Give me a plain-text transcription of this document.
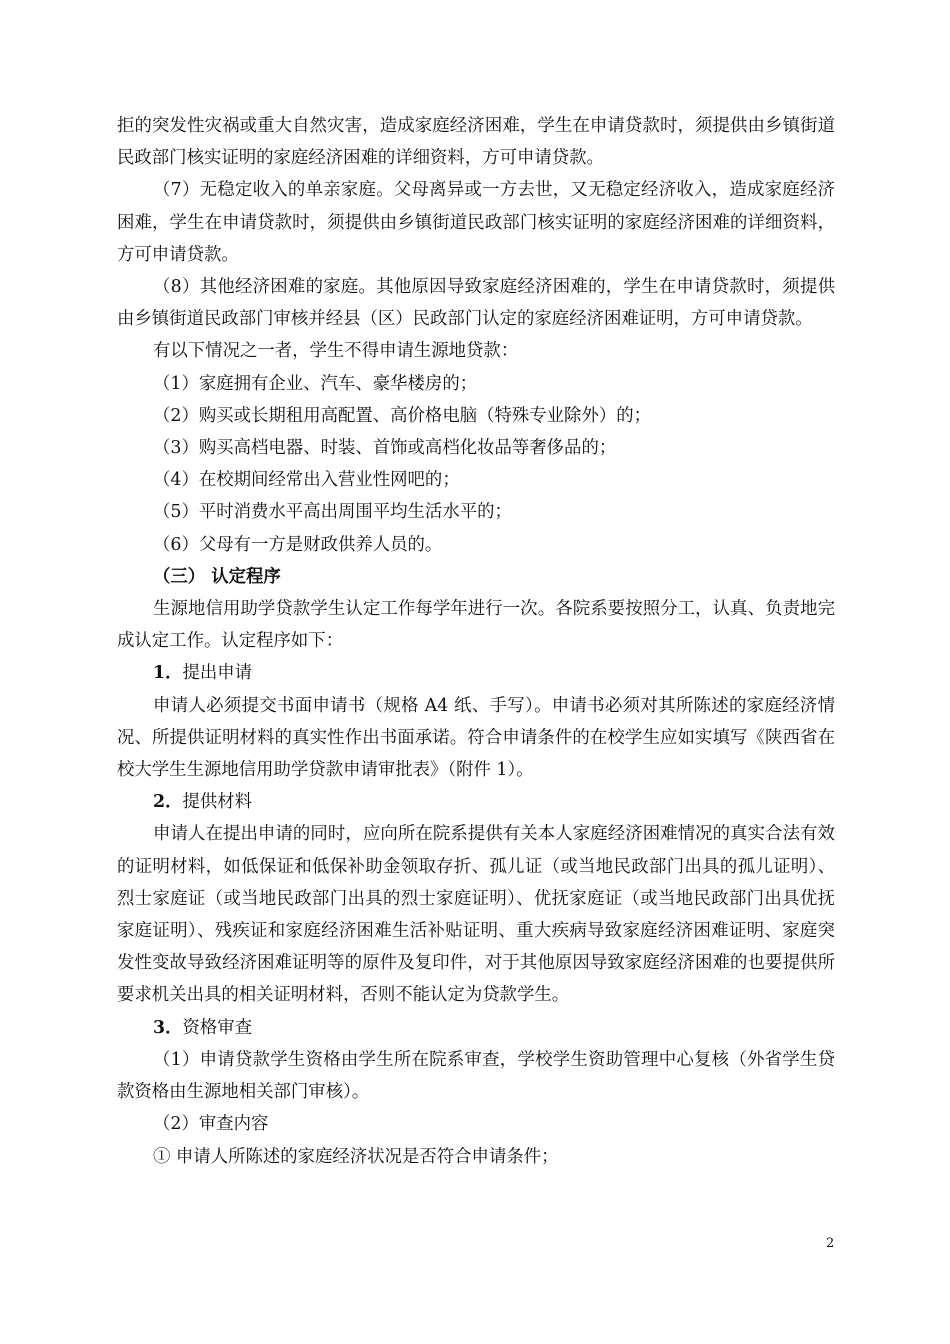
拒的突发性灾祸或重大自然灾害，造成家庭经济困难，学生在申请贷款时，须提供由乡镇街道民政部门核实证明的家庭经济困难的详细资料，方可申请贷款。

（7）无稳定收入的单亲家庭。父母离异或一方去世，又无稳定经济收入，造成家庭经济困难，学生在申请贷款时，须提供由乡镇街道民政部门核实证明的家庭经济困难的详细资料，方可申请贷款。

（8）其他经济困难的家庭。其他原因导致家庭经济困难的，学生在申请贷款时，须提供由乡镇街道民政部门审核并经县（区）民政部门认定的家庭经济困难证明，方可申请贷款。

有以下情况之一者，学生不得申请生源地贷款：

（1）家庭拥有企业、汽车、豪华楼房的；

（2）购买或长期租用高配置、高价格电脑（特殊专业除外）的；

（3）购买高档电器、时装、首饰或高档化妆品等奢侈品的；

（4）在校期间经常出入营业性网吧的；

（5）平时消费水平高出周围平均生活水平的；

（6）父母有一方是财政供养人员的。

（三） 认定程序

生源地信用助学贷款学生认定工作每学年进行一次。各院系要按照分工，认真、负责地完成认定工作。认定程序如下：

1．提出申请

申请人必须提交书面申请书（规格 A4 纸、手写）。申请书必须对其所陈述的家庭经济情况、所提供证明材料的真实性作出书面承诺。符合申请条件的在校学生应如实填写《陕西省在校大学生生源地信用助学贷款申请审批表》（附件 1）。

2．提供材料

申请人在提出申请的同时，应向所在院系提供有关本人家庭经济困难情况的真实合法有效的证明材料，如低保证和低保补助金领取存折、孤儿证（或当地民政部门出具的孤儿证明）、烈士家庭证（或当地民政部门出具的烈士家庭证明）、优抚家庭证（或当地民政部门出具优抚家庭证明）、残疾证和家庭经济困难生活补贴证明、重大疾病导致家庭经济困难证明、家庭突发性变故导致经济困难证明等的原件及复印件，对于其他原因导致家庭经济困难的也要提供所要求机关出具的相关证明材料，否则不能认定为贷款学生。

3．资格审查

（1）申请贷款学生资格由学生所在院系审查，学校学生资助管理中心复核（外省学生贷款资格由生源地相关部门审核）。

（2）审查内容

① 申请人所陈述的家庭经济状况是否符合申请条件；

2
